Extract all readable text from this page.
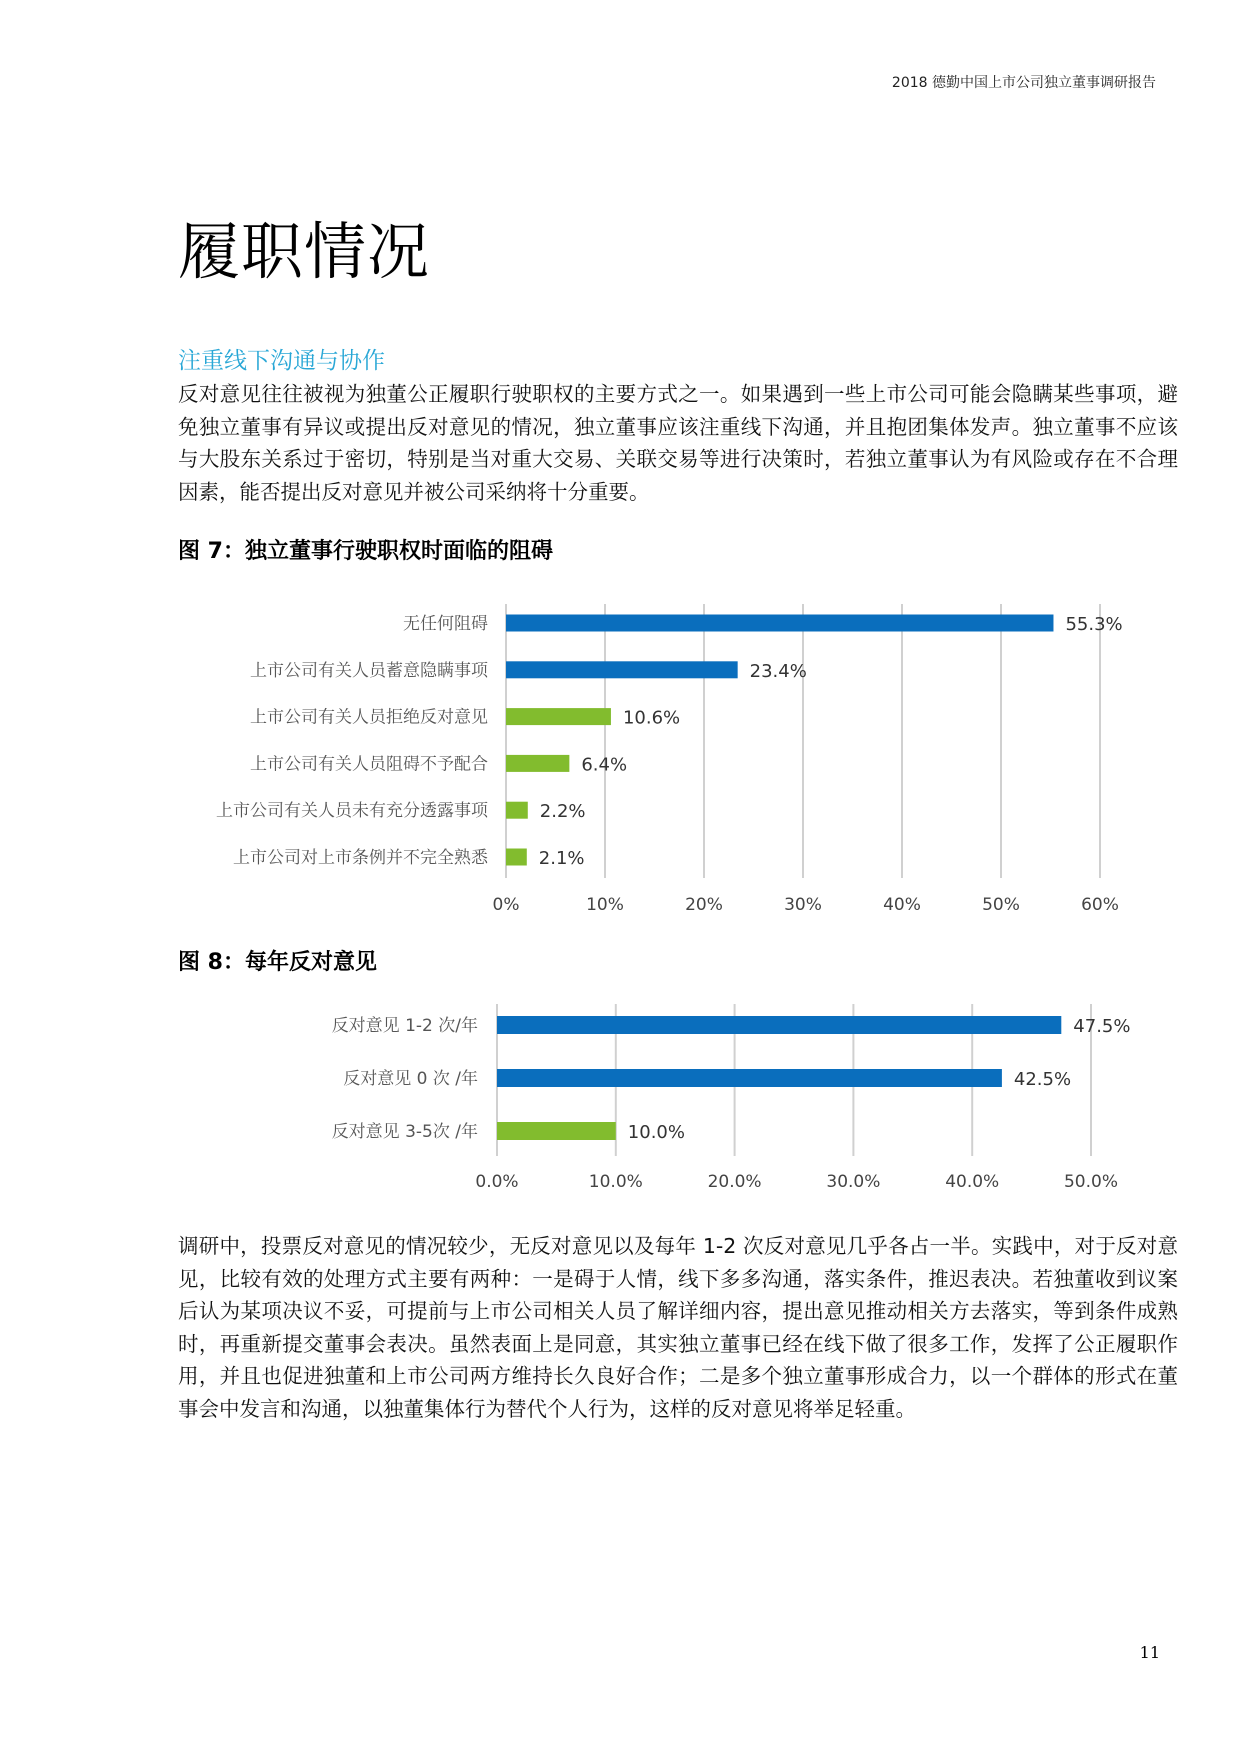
2018 德勤中国上市公司独立董事调研报告
履职情况
注重线下沟通与协作

反对意见往往被视为独董公正履职行驶职权的主要方式之一。如果遇到一些上市公司可能会隐瞒某些事项，避免独立董事有异议或提出反对意见的情况，独立董事应该注重线下沟通，并且抱团集体发声。独立董事不应该与大股东关系过于密切，特别是当对重大交易、关联交易等进行决策时，若独立董事认为有风险或存在不合理因素，能否提出反对意见并被公司采纳将十分重要。

图 7：独立董事行驶职权时面临的阻碍
0%	10%	20%	30%	40%	50%	60%
无任何阻碍	55.3%
上市公司有关人员蓄意隐瞒事项	23.4%
上市公司有关人员拒绝反对意见	10.6%
上市公司有关人员阻碍不予配合	6.4%
上市公司有关人员未有充分透露事项	2.2%
上市公司对上市条例并不完全熟悉	2.1%
图 8：每年反对意见
0.0%	10.0%	20.0%	30.0%	40.0%	50.0%
反对意见 1-2 次/年	47.5%
反对意见 0 次 /年	42.5%
反对意见 3-5次 /年	10.0%

调研中，投票反对意见的情况较少，无反对意见以及每年 1-2 次反对意见几乎各占一半。实践中，对于反对意见，比较有效的处理方式主要有两种：一是碍于人情，线下多多沟通，落实条件，推迟表决。若独董收到议案后认为某项决议不妥，可提前与上市公司相关人员了解详细内容，提出意见推动相关方去落实，等到条件成熟时，再重新提交董事会表决。虽然表面上是同意，其实独立董事已经在线下做了很多工作，发挥了公正履职作用，并且也促进独董和上市公司两方维持长久良好合作；二是多个独立董事形成合力，以一个群体的形式在董事会中发言和沟通，以独董集体行为替代个人行为，这样的反对意见将举足轻重。

11
